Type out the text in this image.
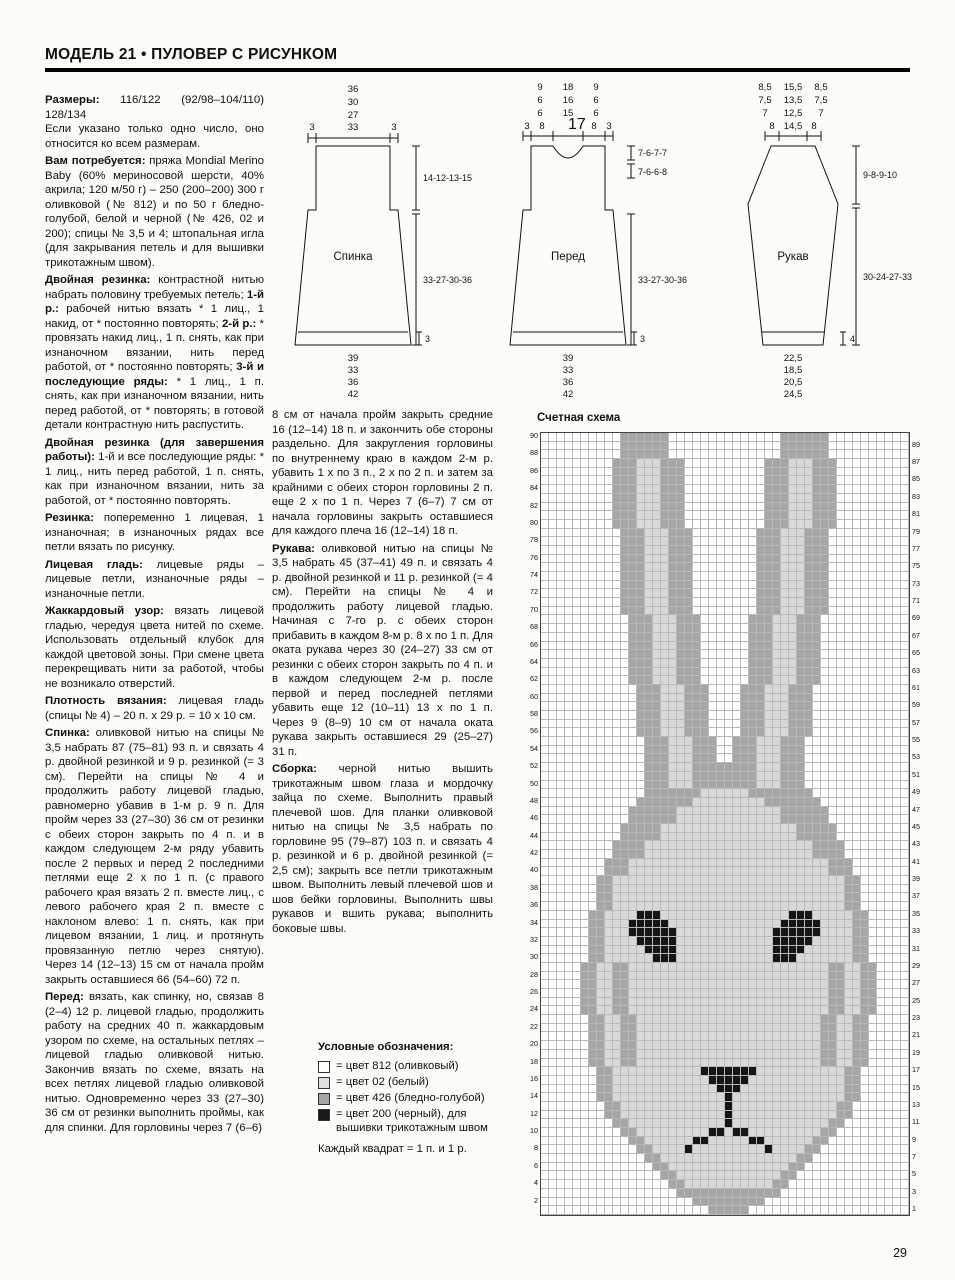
МОДЕЛЬ 21 • ПУЛОВЕР С РИСУНКОМ

Размеры: 116/122 (92/98–104/110) 128/134

Если указано только одно число, оно относится ко всем размерам.

Вам потребуется: пряжа Mondial Merino Baby (60% мериносовой шерсти, 40% акрила; 120 м/50 г) – 250 (200–200) 300 г оливковой (№ 812) и по 50 г бледно-голубой, белой и черной (№ 426, 02 и 200); спицы № 3,5 и 4; штопальная игла (для закрывания петель и для вышивки трикотажным швом).

Двойная резинка: контрастной нитью набрать половину требуемых петель; 1-й р.: рабочей нитью вязать * 1 лиц., 1 накид, от * постоянно повторять; 2-й р.: * провязать накид лиц., 1 п. снять, как при изнаночном вязании, нить перед работой, от * постоянно повторять; 3-й и последующие ряды: * 1 лиц., 1 п. снять, как при изнаночном вязании, нить перед работой, от * повторять; в готовой детали контрастную нить распустить.

Двойная резинка (для завершения работы): 1-й и все последующие ряды: * 1 лиц., нить перед работой, 1 п. снять, как при изнаночном вязании, нить за работой, от * постоянно повторять.

Резинка: попеременно 1 лицевая, 1 изнаночная; в изнаночных рядах все петли вязать по рисунку.

Лицевая гладь: лицевые ряды – лицевые петли, изнаночные ряды – изнаночные петли.

Жаккардовый узор: вязать лицевой гладью, чередуя цвета нитей по схеме. Использовать отдельный клубок для каждой цветовой зоны. При смене цвета перекрещивать нити за работой, чтобы не возникало отверстий.

Плотность вязания: лицевая гладь (спицы № 4) – 20 п. х 29 р. = 10 х 10 см.

Спинка: оливковой нитью на спицы № 3,5 набрать 87 (75–81) 93 п. и связать 4 р. двойной резинкой и 9 р. резинкой (= 3 см). Перейти на спицы № 4 и продолжить работу лицевой гладью, равномерно убавив в 1-м р. 9 п. Для пройм через 33 (27–30) 36 см от резинки с обеих сторон закрыть по 4 п. и в каждом следующем 2-м ряду убавить после 2 первых и перед 2 последними петлями еще 2 х по 1 п. (с правого рабочего края вязать 2 п. вместе лиц., с левого рабочего края 2 п. вместе с наклоном влево: 1 п. снять, как при лицевом вязании, 1 лиц. и протянуть провязанную петлю через снятую). Через 14 (12–13) 15 см от начала пройм закрыть оставшиеся 66 (54–60) 72 п.

Перед: вязать, как спинку, но, связав 8 (2–4) 12 р. лицевой гладью, продолжить работу на средних 40 п. жаккардовым узором по схеме, на остальных петлях – лицевой гладью оливковой нитью. Закончив вязать по схеме, вязать на всех петлях лицевой гладью оливковой нитью. Одновременно через 33 (27–30) 36 см от резинки выполнить проймы, как для спинки. Для горловины через 7 (6–6)

8 см от начала пройм закрыть средние 16 (12–14) 18 п. и закончить обе стороны раздельно. Для закругления горловины по внутреннему краю в каждом 2-м р. убавить 1 х по 3 п., 2 х по 2 п. и затем за крайними с обеих сторон горловины 2 п. еще 2 х по 1 п. Через 7 (6–7) 7 см от начала горловины закрыть оставшиеся для каждого плеча 16 (12–14) 18 п.

Рукава: оливковой нитью на спицы № 3,5 набрать 45 (37–41) 49 п. и связать 4 р. двойной резинкой и 11 р. резинкой (= 4 см). Перейти на спицы № 4 и продолжить работу лицевой гладью. Начиная с 7-го р. с обеих сторон прибавить в каждом 8-м р. 8 х по 1 п. Для оката рукава через 30 (24–27) 33 см от резинки с обеих сторон закрыть по 4 п. и в каждом следующем 2-м р. после первой и перед последней петлями убавить еще 12 (10–11) 13 х по 1 п. Через 9 (8–9) 10 см от начала оката рукава закрыть оставшиеся 29 (25–27) 31 п.

Сборка: черной нитью вышить трикотажным швом глаза и мордочку зайца по схеме. Выполнить правый плечевой шов. Для планки оливковой нитью на спицы № 3,5 набрать по горловине 95 (79–87) 103 п. и связать 4 р. резинкой и 6 р. двойной резинкой (= 2,5 см); закрыть все петли трикотажным швом. Выполнить левый плечевой шов и шов бейки горловины. Выполнить швы рукавов и вшить рукава; выполнить боковые швы.

36
30
27
3	33	3
14-12-13-15
33-27-30-36
3
Спинка
39
33
36
42
9 18 9
6 16 6
6 15 6
3 8 17 8 3
7-6-7-7
7-6-6-8
33-27-30-36
3
Перед
39
33
36
42
8,5 15,5 8,5
7,5 13,5 7,5
7 12,5 7
8 14,5 8
9-8-9-10
30-24-27-33
4
Рукав
22,5
18,5
20,5
24,5
Счетная схема
90
88
86
84
82
80
78
76
74
72
70
68
66
64
62
60
58
56
54
52
50
48
46
44
42
40
38
36
34
32
30
28
26
24
22
20
18
16
14
12
10
8
6
4
2
89
87
85
83
81
79
77
75
73
71
69
67
65
63
61
59
57
55
53
51
49
47
45
43
41
39
37
35
33
31
29
27
25
23
21
19
17
15
13
11
9
7
5
3
1
Условные обозначения:
= цвет 812 (оливковый)
= цвет 02 (белый)
= цвет 426 (бледно-голубой)
= цвет 200 (черный), для вышивки трикотажным швом
Каждый квадрат = 1 п. и 1 р.
29
